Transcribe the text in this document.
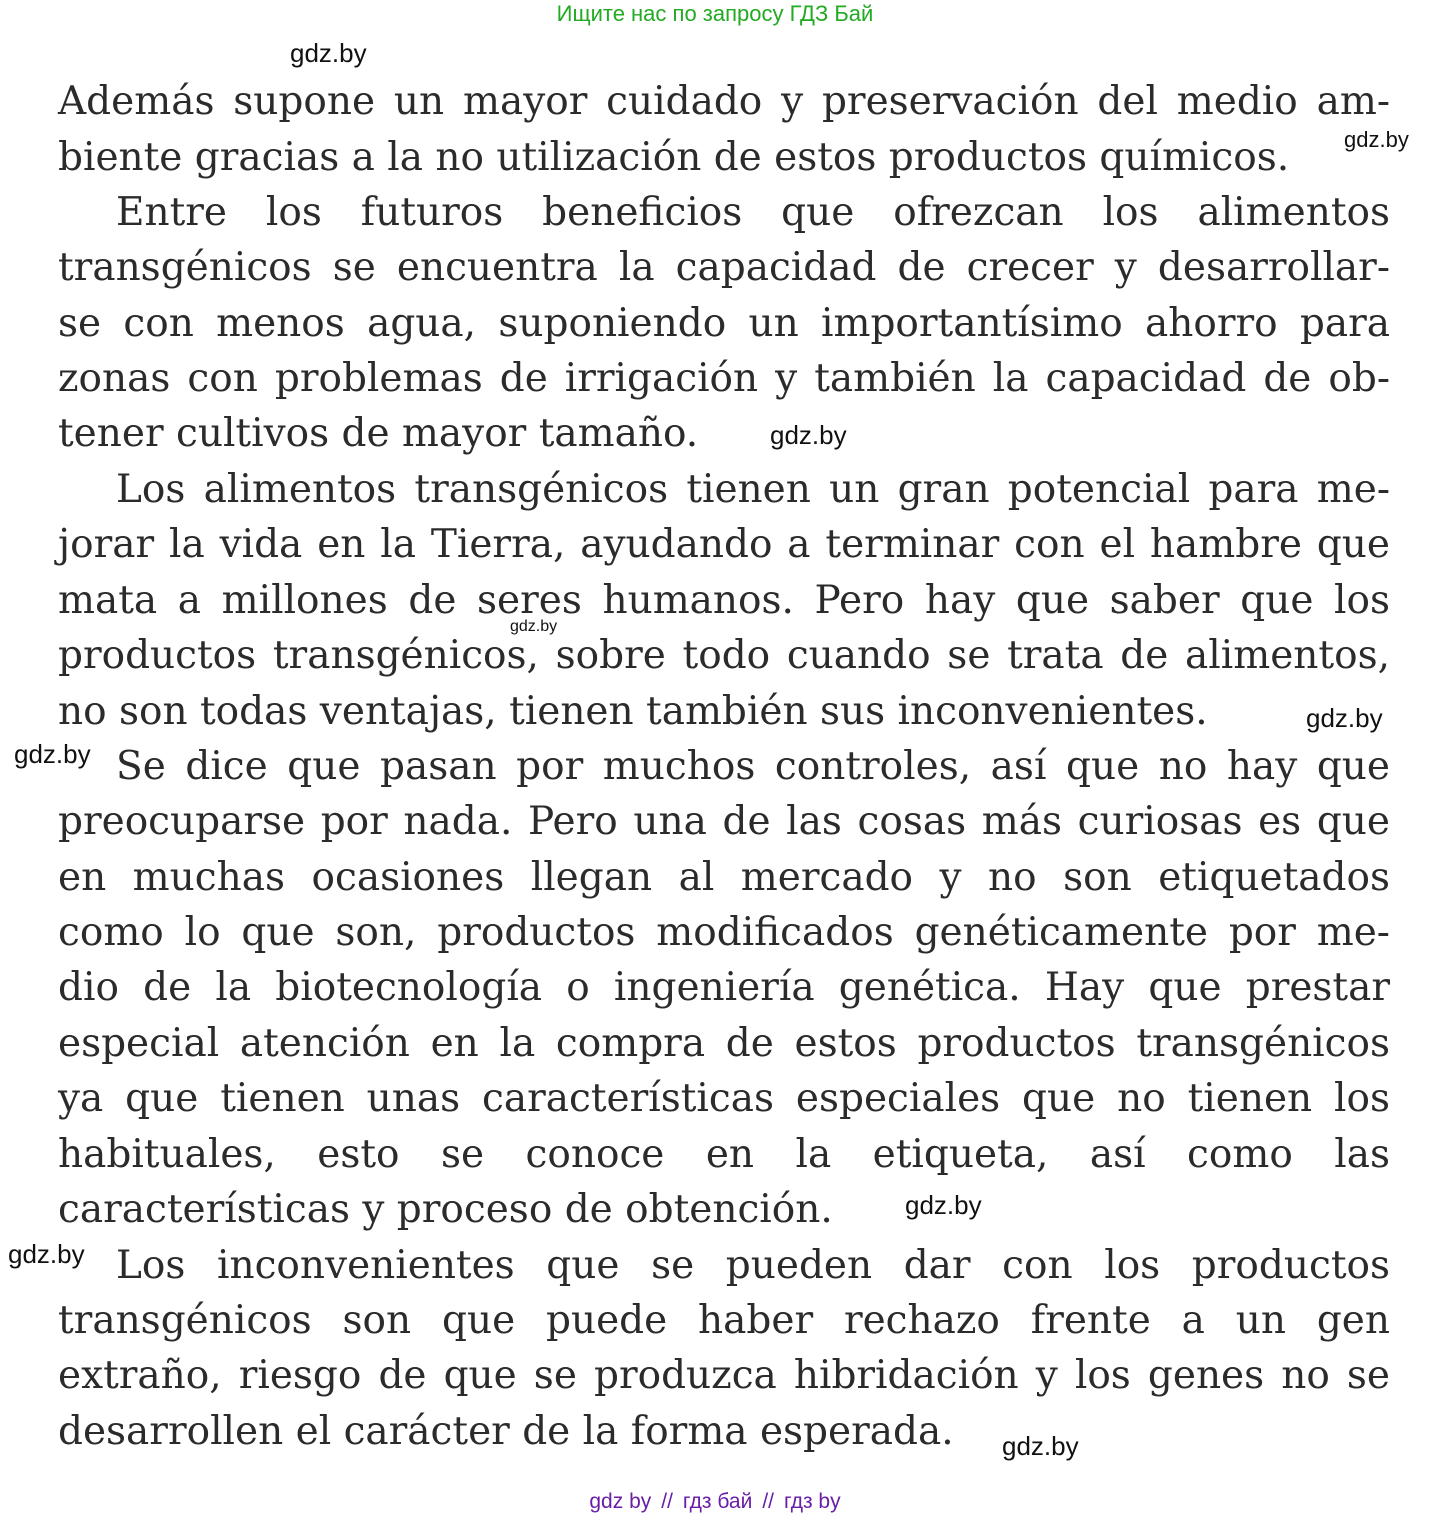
Ищите нас по запросу ГДЗ Бай
gdz.by
gdz.by
gdz.by
gdz.by
gdz.by
gdz.by
gdz.by
gdz.by
gdz.by
Además supone un mayor cuidado y preservación del medio am-
biente gracias a la no utilización de estos productos químicos.
Entre los futuros beneficios que ofrezcan los alimentos
transgénicos se encuentra la capacidad de crecer y desarrollar-
se con menos agua, suponiendo un importantísimo ahorro para
zonas con problemas de irrigación y también la capacidad de ob-
tener cultivos de mayor tamaño.
Los alimentos transgénicos tienen un gran potencial para me-
jorar la vida en la Tierra, ayudando a terminar con el hambre que
mata a millones de seres humanos. Pero hay que saber que los
productos transgénicos, sobre todo cuando se trata de alimentos,
no son todas ventajas, tienen también sus inconvenientes.
Se dice que pasan por muchos controles, así que no hay que
preocuparse por nada. Pero una de las cosas más curiosas es que
en muchas ocasiones llegan al mercado y no son etiquetados
como lo que son, productos modificados genéticamente por me-
dio de la biotecnología o ingeniería genética. Hay que prestar
especial atención en la compra de estos productos transgénicos
ya que tienen unas características especiales que no tienen los
habituales, esto se conoce en la etiqueta, así como las
características y proceso de obtención.
Los inconvenientes que se pueden dar con los productos
transgénicos son que puede haber rechazo frente a un gen
extraño, riesgo de que se produzca hibridación y los genes no se
desarrollen el carácter de la forma esperada.
gdz by // гдз бай // гдз by
